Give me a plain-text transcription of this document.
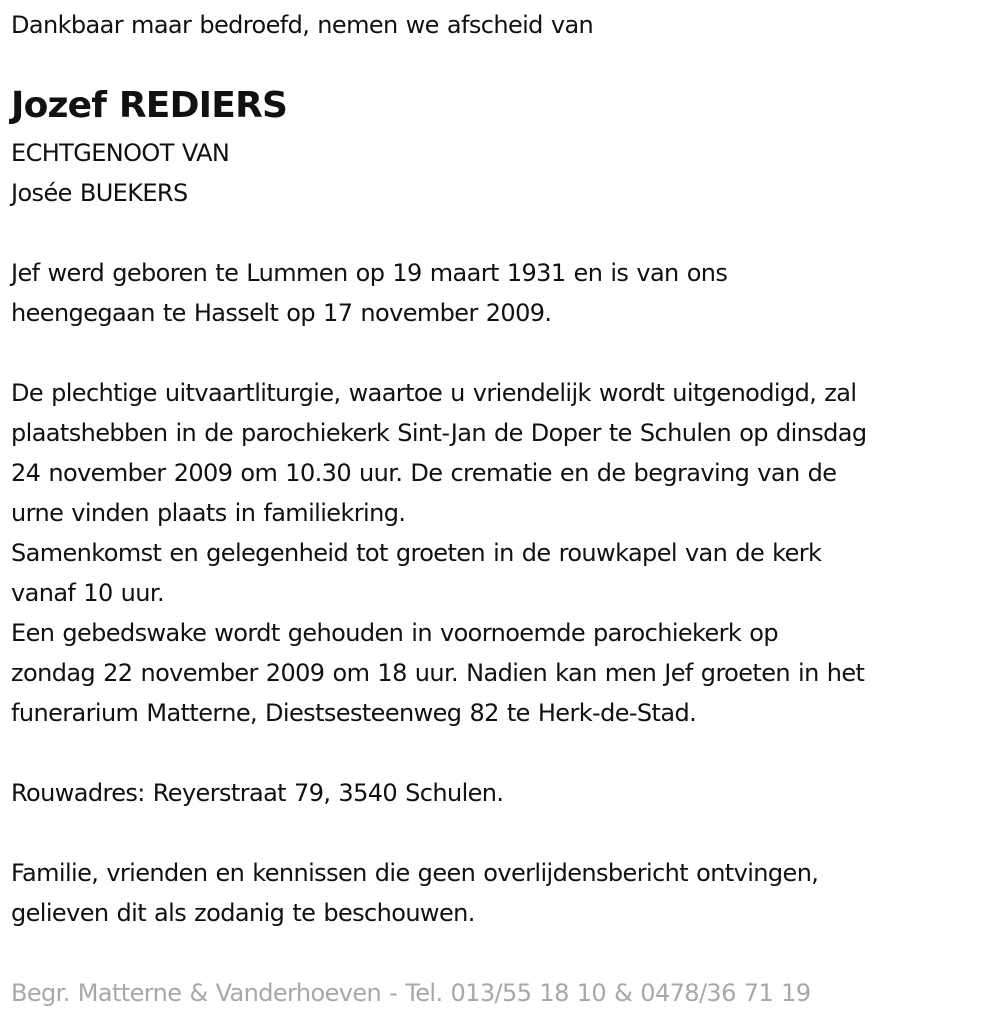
Dankbaar maar bedroefd, nemen we afscheid van
Jozef REDIERS
ECHTGENOOT VAN
Josée BUEKERS
Jef werd geboren te Lummen op 19 maart 1931 en is van ons
heengegaan te Hasselt op 17 november 2009.
De plechtige uitvaartliturgie, waartoe u vriendelijk wordt uitgenodigd, zal
plaatshebben in de parochiekerk Sint-Jan de Doper te Schulen op dinsdag
24 november 2009 om 10.30 uur. De crematie en de begraving van de
urne vinden plaats in familiekring.
Samenkomst en gelegenheid tot groeten in de rouwkapel van de kerk
vanaf 10 uur.
Een gebedswake wordt gehouden in voornoemde parochiekerk op
zondag 22 november 2009 om 18 uur. Nadien kan men Jef groeten in het
funerarium Matterne, Diestsesteenweg 82 te Herk-de-Stad.
Rouwadres: Reyerstraat 79, 3540 Schulen.
Familie, vrienden en kennissen die geen overlijdensbericht ontvingen,
gelieven dit als zodanig te beschouwen.
Begr. Matterne & Vanderhoeven - Tel. 013/55 18 10 & 0478/36 71 19
